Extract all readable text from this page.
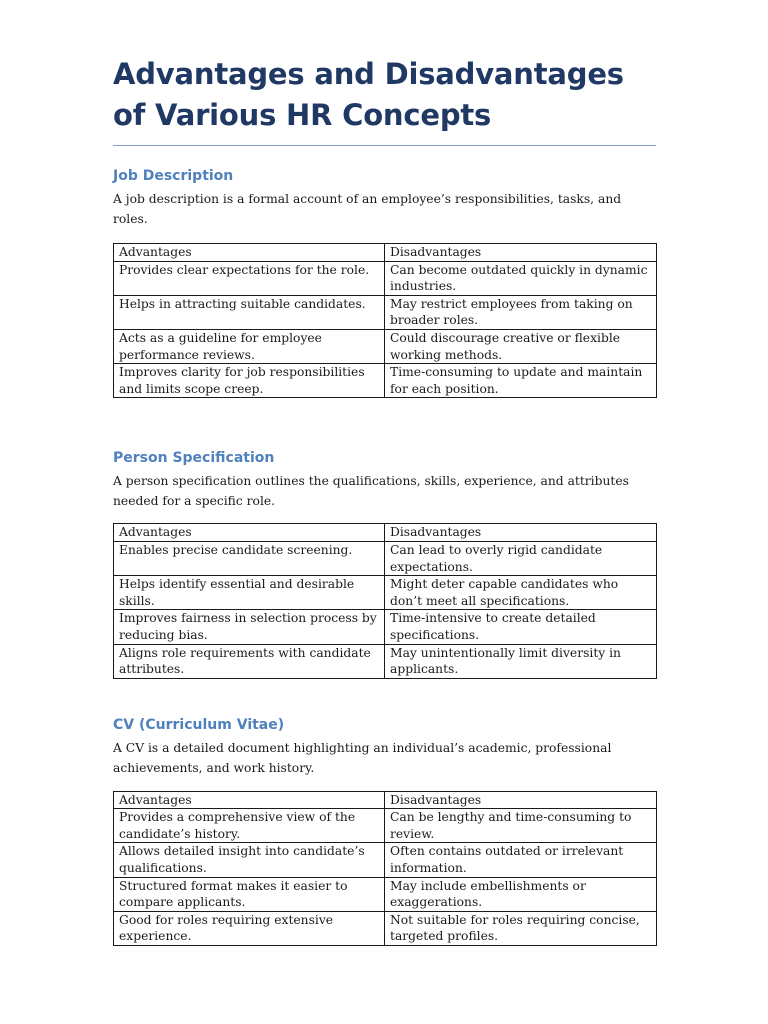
Advantages and Disadvantages of Various HR Concepts
Job Description

A job description is a formal account of an employee’s responsibilities, tasks, and roles.

Advantages	Disadvantages
Provides clear expectations for the role.	Can become outdated quickly in dynamic industries.
Helps in attracting suitable candidates.	May restrict employees from taking on broader roles.
Acts as a guideline for employee performance reviews.	Could discourage creative or flexible working methods.
Improves clarity for job responsibilities and limits scope creep.	Time-consuming to update and maintain for each position.
Person Specification

A person specification outlines the qualifications, skills, experience, and attributes needed for a specific role.

Advantages	Disadvantages
Enables precise candidate screening.	Can lead to overly rigid candidate expectations.
Helps identify essential and desirable skills.	Might deter capable candidates who don’t meet all specifications.
Improves fairness in selection process by reducing bias.	Time-intensive to create detailed specifications.
Aligns role requirements with candidate attributes.	May unintentionally limit diversity in applicants.
CV (Curriculum Vitae)

A CV is a detailed document highlighting an individual’s academic, professional achievements, and work history.

Advantages	Disadvantages
Provides a comprehensive view of the candidate’s history.	Can be lengthy and time-consuming to review.
Allows detailed insight into candidate’s qualifications.	Often contains outdated or irrelevant information.
Structured format makes it easier to compare applicants.	May include embellishments or exaggerations.
Good for roles requiring extensive experience.	Not suitable for roles requiring concise, targeted profiles.
